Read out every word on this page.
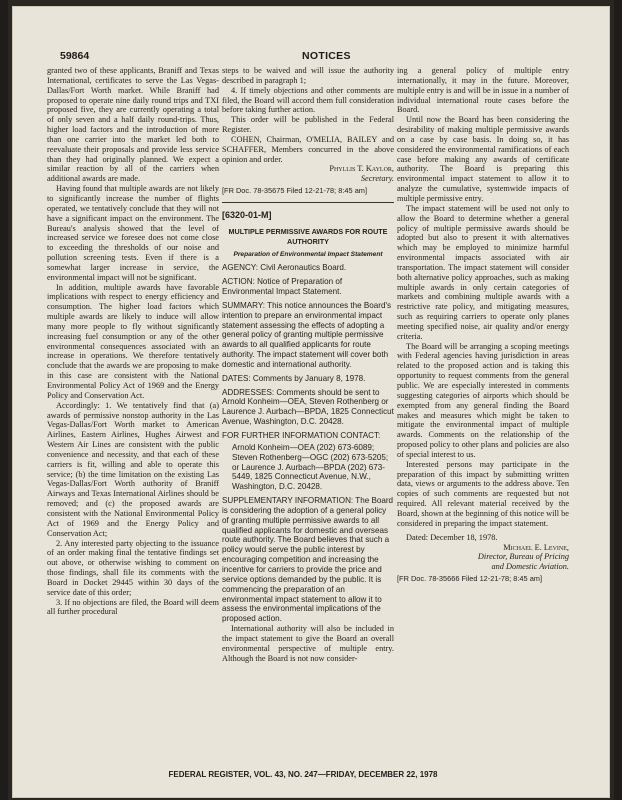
59864	NOTICES

granted two of these applicants, Braniff and Texas International, certificates to serve the Las Vegas-Dallas/Fort Worth market. While Braniff had proposed to operate nine daily round trips and TXI proposed five, they are currently operating a total of only seven and a half daily round-trips. Thus, higher load factors and the introduction of more than one carrier into the market led both to reevaluate their proposals and provide less service than they had originally planned. We expect a similar reaction by all of the carriers when additional awards are made.

Having found that multiple awards are not likely to significantly increase the number of flights operated, we tentatively conclude that they will not have a significant impact on the environment. The Bureau's analysis showed that the level of increased service we foresee does not come close to exceeding the thresholds of our noise and pollution screening tests. Even if there is a somewhat larger increase in service, the environmental impact will not be significant.

In addition, multiple awards have favorable implications with respect to energy efficiency and consumption. The higher load factors which multiple awards are likely to induce will allow many more people to fly without significantly increasing fuel consumption or any of the other environmental consequences associated with an increase in operations. We therefore tentatively conclude that the awards we are proposing to make in this case are consistent with the National Environmental Policy Act of 1969 and the Energy Policy and Conservation Act.

Accordingly: 1. We tentatively find that (a) awards of permissive nonstop authority in the Las Vegas-Dallas/Fort Worth market to American Airlines, Eastern Airlines, Hughes Airwest and Western Air Lines are consistent with the public convenience and necessity, and that each of these carriers is fit, willing and able to operate this service; (b) the time limitation on the existing Las Vegas-Dallas/Fort Worth authority of Braniff Airways and Texas International Airlines should be removed; and (c) the proposed awards are consistent with the National Environmental Policy Act of 1969 and the Energy Policy and Conservation Act;

2. Any interested party objecting to the issuance of an order making final the tentative findings set out above, or otherwise wishing to comment on those findings, shall file its comments with the Board in Docket 29445 within 30 days of the service date of this order;

3. If no objections are filed, the Board will deem all further procedural

steps to be waived and will issue the authority described in paragraph 1;

4. If timely objections and other comments are filed, the Board will accord them full consideration before taking further action.

This order will be published in the Federal Register.

COHEN, Chairman, O'MELIA, BAILEY and SCHAFFER, Members concurred in the above opinion and order.

Phyllis T. Kaylor,

Secretary.

[FR Doc. 78-35675 Filed 12-21-78; 8:45 am]

[6320-01-M]

MULTIPLE PERMISSIVE AWARDS FOR ROUTE AUTHORITY

Preparation of Environmental Impact Statement

AGENCY: Civil Aeronautics Board.

ACTION: Notice of Preparation of Environmental Impact Statement.

SUMMARY: This notice announces the Board's intention to prepare an environmental impact statement assessing the effects of adopting a general policy of granting multiple permissive awards to all qualified applicants for route authority. The impact statement will cover both domestic and international authority.

DATES: Comments by January 8, 1978.

ADDRESSES: Comments should be sent to Arnold Konheim—OEA, Steven Rothenberg or Laurence J. Aurbach—BPDA, 1825 Connecticut Avenue, Washington, D.C. 20428.

FOR FURTHER INFORMATION CONTACT:

Arnold Konheim—OEA (202) 673-6089; Steven Rothenberg—OGC (202) 673-5205; or Laurence J. Aurbach—BPDA (202) 673-5449, 1825 Connecticut Avenue, N.W., Washington, D.C. 20428.

SUPPLEMENTARY INFORMATION: The Board is considering the adoption of a general policy of granting multiple permissive awards to all qualified applicants for domestic and overseas route authority. The Board believes that such a policy would serve the public interest by encouraging competition and increasing the incentive for carriers to provide the price and service options demanded by the public. It is commencing the preparation of an environmental impact statement to allow it to assess the environmental implications of the proposed action.

International authority will also be included in the impact statement to give the Board an overall environmental perspective of multiple entry. Although the Board is not now consider-

ing a general policy of multiple entry internationally, it may in the future. Moreover, multiple entry is and will be in issue in a number of individual international route cases before the Board.

Until now the Board has been considering the desirability of making multiple permissive awards on a case by case basis. In doing so, it has considered the environmental ramifications of each case before making any awards of certificate authority. The Board is preparing this environmental impact statement to allow it to analyze the cumulative, systemwide impacts of multiple permissive entry.

The impact statement will be used not only to allow the Board to determine whether a general policy of multiple permissive awards should be adopted but also to present it with alternatives which may be employed to minimize harmful environmental impacts associated with air transportation. The impact statement will consider both alternative policy approaches, such as making multiple awards in only certain categories of markets and combining multiple awards with a restrictive rate policy, and mitigating measures, such as requiring carriers to operate only planes meeting specified noise, air quality and/or energy criteria.

The Board will be arranging a scoping meetings with Federal agencies having jurisdiction in areas related to the proposed action and is taking this opportunity to request comments from the general public. We are especially interested in comments suggesting categories of airports which should be exempted from any general finding the Board makes and measures which might be taken to mitigate the environmental impact of multiple awards. Comments on the relationship of the proposed policy to other plans and policies are also of special interest to us.

Interested persons may participate in the preparation of this impact by submitting written data, views or arguments to the address above. Ten copies of such comments are requested but not required. All relevant material received by the Board, shown at the beginning of this notice will be considered in preparing the impact statement.

Dated: December 18, 1978.

Michael E. Levine,

Director, Bureau of Pricing

and Domestic Aviation.

[FR Doc. 78-35666 Filed 12-21-78; 8:45 am]

FEDERAL REGISTER, VOL. 43, NO. 247—FRIDAY, DECEMBER 22, 1978
